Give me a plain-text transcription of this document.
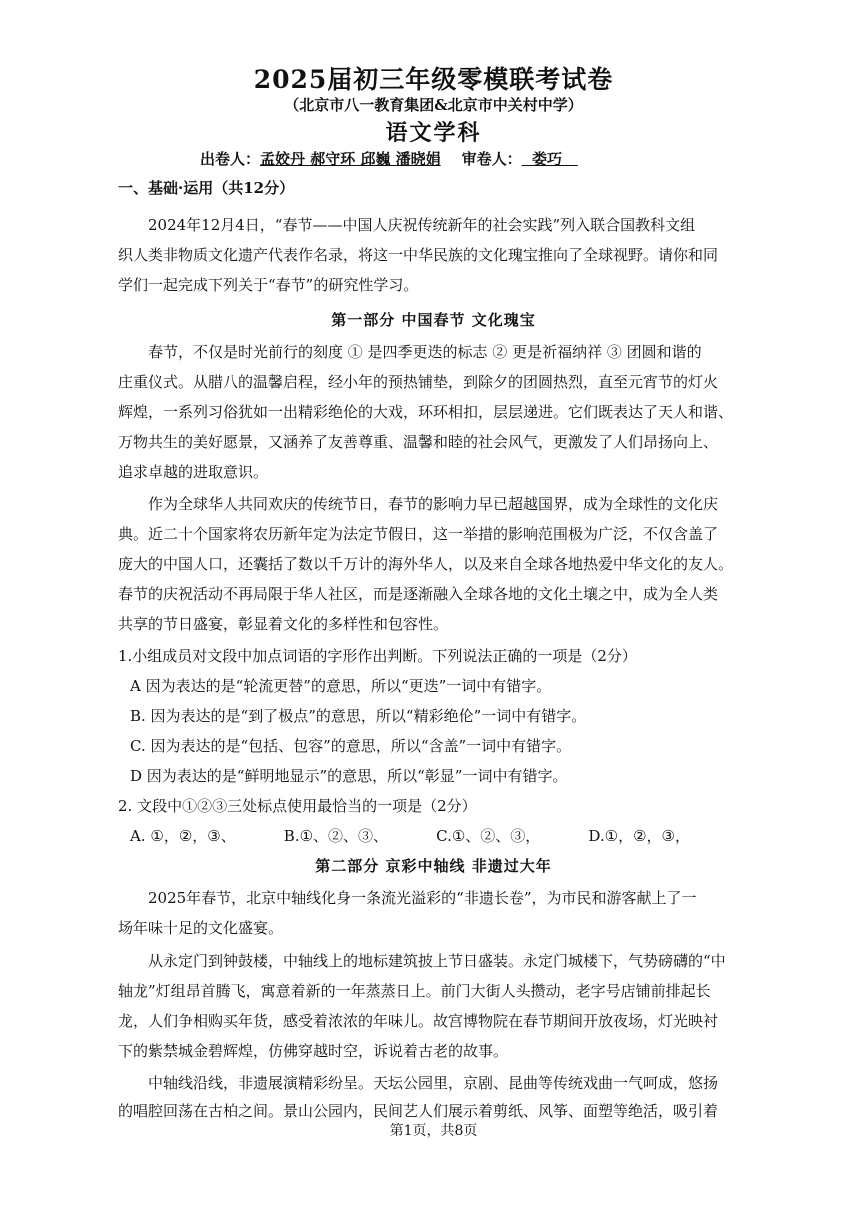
2025届初三年级零模联考试卷
（北京市八一教育集团&北京市中关村中学）
语文学科
出卷人：孟姣丹 郝守环 邱巍 潘晓娟 审卷人： 娄巧
一、基础·运用（共12分）
2024年12月4日，“春节——中国人庆祝传统新年的社会实践”列入联合国教科文组
织人类非物质文化遗产代表作名录，将这一中华民族的文化瑰宝推向了全球视野。请你和同
学们一起完成下列关于“春节”的研究性学习。
第一部分 中国春节 文化瑰宝
春节，不仅是时光前行的刻度 ① 是四季更迭的标志 ② 更是祈福纳祥 ③ 团圆和谐的
庄重仪式。从腊八的温馨启程，经小年的预热铺垫，到除夕的团圆热烈，直至元宵节的灯火
辉煌，一系列习俗犹如一出精彩绝伦的大戏，环环相扣，层层递进。它们既表达了天人和谐、
万物共生的美好愿景，又涵养了友善尊重、温馨和睦的社会风气，更激发了人们昂扬向上、
追求卓越的进取意识。
作为全球华人共同欢庆的传统节日，春节的影响力早已超越国界，成为全球性的文化庆
典。近二十个国家将农历新年定为法定节假日，这一举措的影响范围极为广泛，不仅含盖了
庞大的中国人口，还囊括了数以千万计的海外华人，以及来自全球各地热爱中华文化的友人。
春节的庆祝活动不再局限于华人社区，而是逐渐融入全球各地的文化土壤之中，成为全人类
共享的节日盛宴，彰显着文化的多样性和包容性。
1.小组成员对文段中加点词语的字形作出判断。下列说法正确的一项是（2分）
A 因为表达的是“轮流更替”的意思，所以“更迭”一词中有错字。
B. 因为表达的是“到了极点”的意思，所以“精彩绝伦”一词中有错字。
C. 因为表达的是“包括、包容”的意思，所以“含盖”一词中有错字。
D 因为表达的是“鲜明地显示”的意思，所以“彰显”一词中有错字。
2. 文段中①②③三处标点使用最恰当的一项是（2分）
A. ①，②，③、	B.①、②、③、	C.①、②、③，	D.①，②，③，
第二部分 京彩中轴线 非遗过大年
2025年春节，北京中轴线化身一条流光溢彩的“非遗长卷”，为市民和游客献上了一
场年味十足的文化盛宴。
从永定门到钟鼓楼，中轴线上的地标建筑披上节日盛装。永定门城楼下，气势磅礴的“中
轴龙”灯组昂首腾飞，寓意着新的一年蒸蒸日上。前门大街人头攒动，老字号店铺前排起长
龙，人们争相购买年货，感受着浓浓的年味儿。故宫博物院在春节期间开放夜场，灯光映衬
下的紫禁城金碧辉煌，仿佛穿越时空，诉说着古老的故事。
中轴线沿线，非遗展演精彩纷呈。天坛公园里，京剧、昆曲等传统戏曲一气呵成，悠扬
的唱腔回荡在古柏之间。景山公园内，民间艺人们展示着剪纸、风筝、面塑等绝活，吸引着
第1页，共8页
